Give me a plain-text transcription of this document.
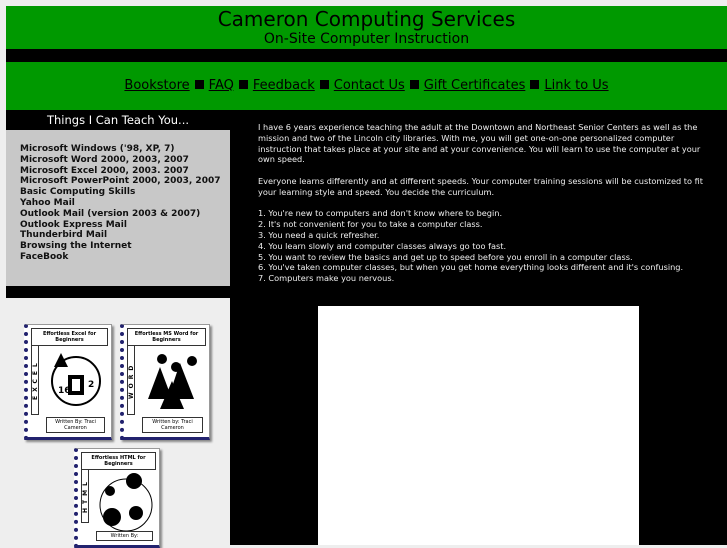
Cameron Computing Services
On-Site Computer Instruction
Bookstore FAQ Feedback Contact Us Gift Certificates Link to Us
Things I Can Teach You...
Microsoft Windows ('98, XP, 7)
Microsoft Word 2000, 2003, 2007
Microsoft Excel 2000, 2003. 2007
Microsoft PowerPoint 2000, 2003, 2007
Basic Computing Skills
Yahoo Mail
Outlook Mail (version 2003 & 2007)
Outlook Express Mail
Thunderbird Mail
Browsing the Internet
FaceBook
Effortless Excel for Beginners
EXCEL 16
2
Written By: Traci Cameron
Effortless MS Word for Beginners
WORD
Written by: Traci Cameron
Effortless HTML for Beginners
HTML
Written By:

I have 6 years experience teaching the adult at the Downtown and Northeast Senior Centers as well as the mission and two of the Lincoln city libraries. With me, you will get one-on-one personalized computer instruction that takes place at your site and at your convenience. You will learn to use the computer at your own speed.

Everyone learns differently and at different speeds. Your computer training sessions will be customized to fit your learning style and speed. You decide the curriculum.

1. You're new to computers and don't know where to begin.
2. It's not convenient for you to take a computer class.
3. You need a quick refresher.
4. You learn slowly and computer classes always go too fast.
5. You want to review the basics and get up to speed before you enroll in a computer class.
6. You've taken computer classes, but when you get home everything looks different and it's confusing.
7. Computers make you nervous.
